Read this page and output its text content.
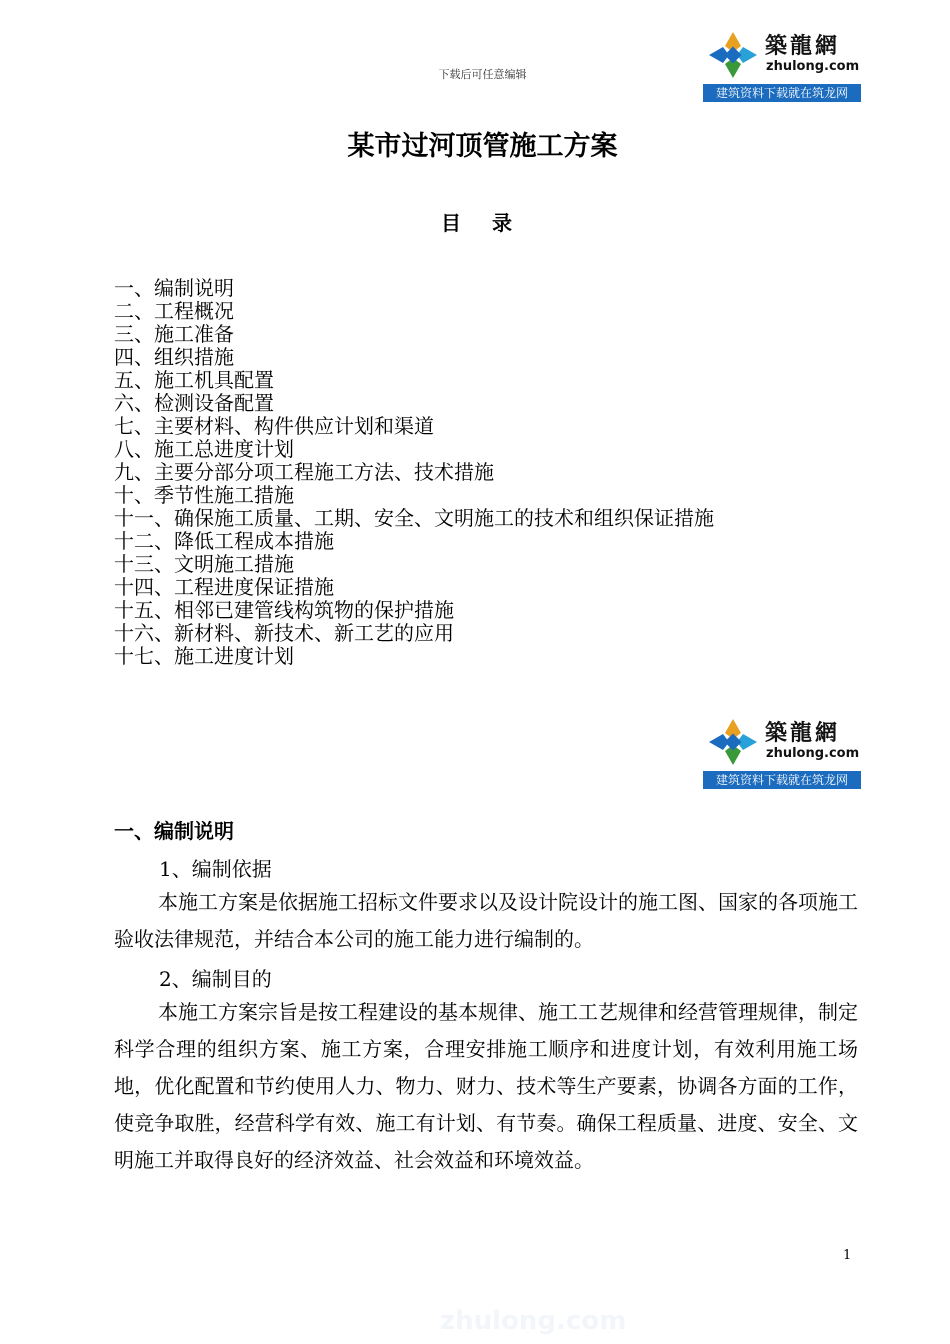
下载后可任意编辑
築龍網
zhulong.com
建筑资料下载就在筑龙网
某市过河顶管施工方案
目 录
一、编制说明
二、工程概况
三、施工准备
四、组织措施
五、施工机具配置
六、检测设备配置
七、主要材料、构件供应计划和渠道
八、施工总进度计划
九、主要分部分项工程施工方法、技术措施
十、季节性施工措施
十一、确保施工质量、工期、安全、文明施工的技术和组织保证措施
十二、降低工程成本措施
十三、文明施工措施
十四、工程进度保证措施
十五、相邻已建管线构筑物的保护措施
十六、新材料、新技术、新工艺的应用
十七、施工进度计划
築龍網
zhulong.com
建筑资料下载就在筑龙网
一、编制说明
1、编制依据

本施工方案是依据施工招标文件要求以及设计院设计的施工图、国家的各项施工验收法律规范，并结合本公司的施工能力进行编制的。

2、编制目的

本施工方案宗旨是按工程建设的基本规律、施工工艺规律和经营管理规律，制定科学合理的组织方案、施工方案，合理安排施工顺序和进度计划，有效利用施工场地，优化配置和节约使用人力、物力、财力、技术等生产要素，协调各方面的工作，使竞争取胜，经营科学有效、施工有计划、有节奏。确保工程质量、进度、安全、文明施工并取得良好的经济效益、社会效益和环境效益。

1
zhulong.com
